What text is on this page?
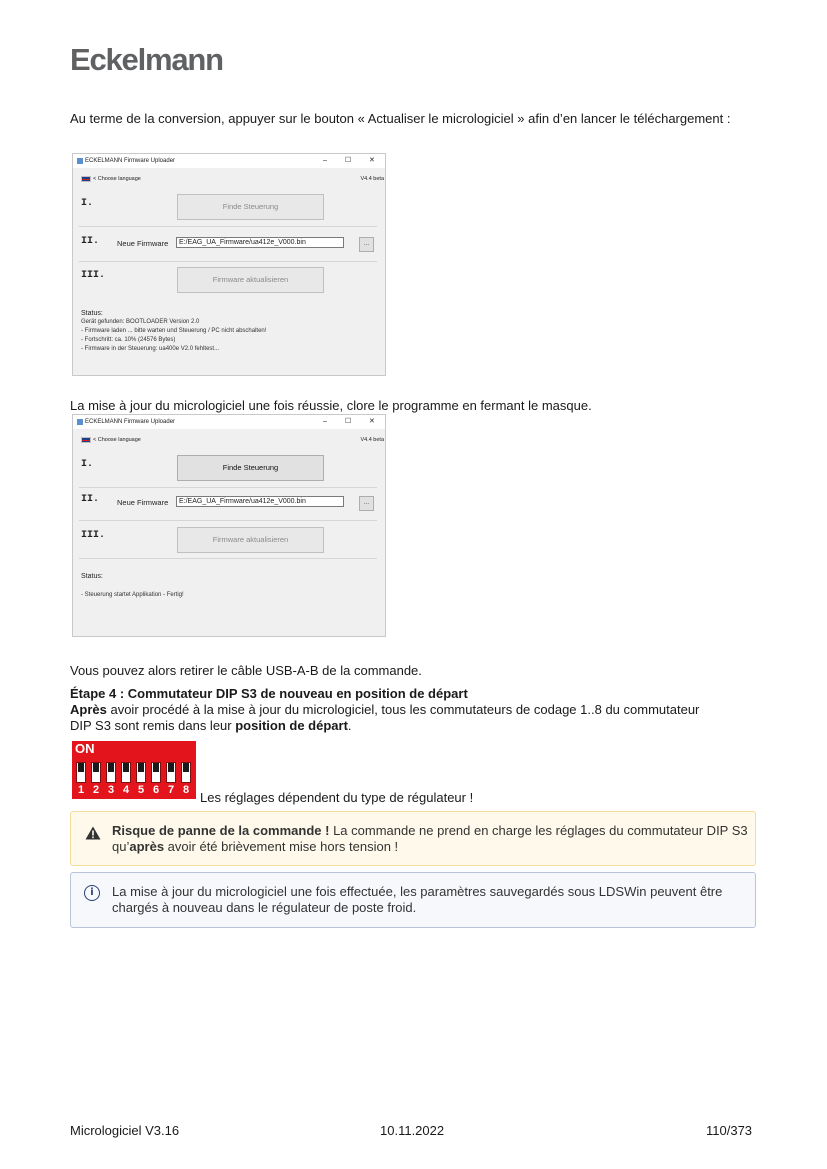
Eckelmann
Au terme de la conversion, appuyer sur le bouton « Actualiser le micrologiciel » afin d’en lancer le téléchargement :
ECKELMANN Firmware Uploader	–	☐	✕
< Choose language	V4.4 beta
I.	Finde Steuerung
II. Neue Firmware	E:/EAG_UA_Firmware/ua412e_V000.bin	...
III.	Firmware aktualisieren
Status:
Gerät gefunden: BOOTLOADER Version 2.0
- Firmware laden ... bitte warten und Steuerung / PC nicht abschalten!
- Fortschritt: ca. 10% (24576 Bytes)
- Firmware in der Steuerung: ua400e V2.0 fehltest...
La mise à jour du micrologiciel une fois réussie, clore le programme en fermant le masque.
ECKELMANN Firmware Uploader	–	☐	✕
< Choose language	V4.4 beta
I.	Finde Steuerung
II. Neue Firmware	E:/EAG_UA_Firmware/ua412e_V000.bin	...
III.	Firmware aktualisieren
Status:
- Steuerung startet Applikation - Fertig!
Vous pouvez alors retirer le câble USB-A-B de la commande.
Étape 4 : Commutateur DIP S3 de nouveau en position de départ
Après avoir procédé à la mise à jour du micrologiciel, tous les commutateurs de codage 1..8 du commutateur
DIP S3 sont remis dans leur position de départ.
ON
1 2 3 4 5 6 7 8 Les réglages dépendent du type de régulateur !
Risque de panne de la commande ! La commande ne prend en charge les réglages du commutateur DIP S3 qu’après avoir été brièvement mise hors tension !
i	La mise à jour du micrologiciel une fois effectuée, les paramètres sauvegardés sous LDSWin peuvent être chargés à nouveau dans le régulateur de poste froid.
Micrologiciel V3.16	10.11.2022	110/373
